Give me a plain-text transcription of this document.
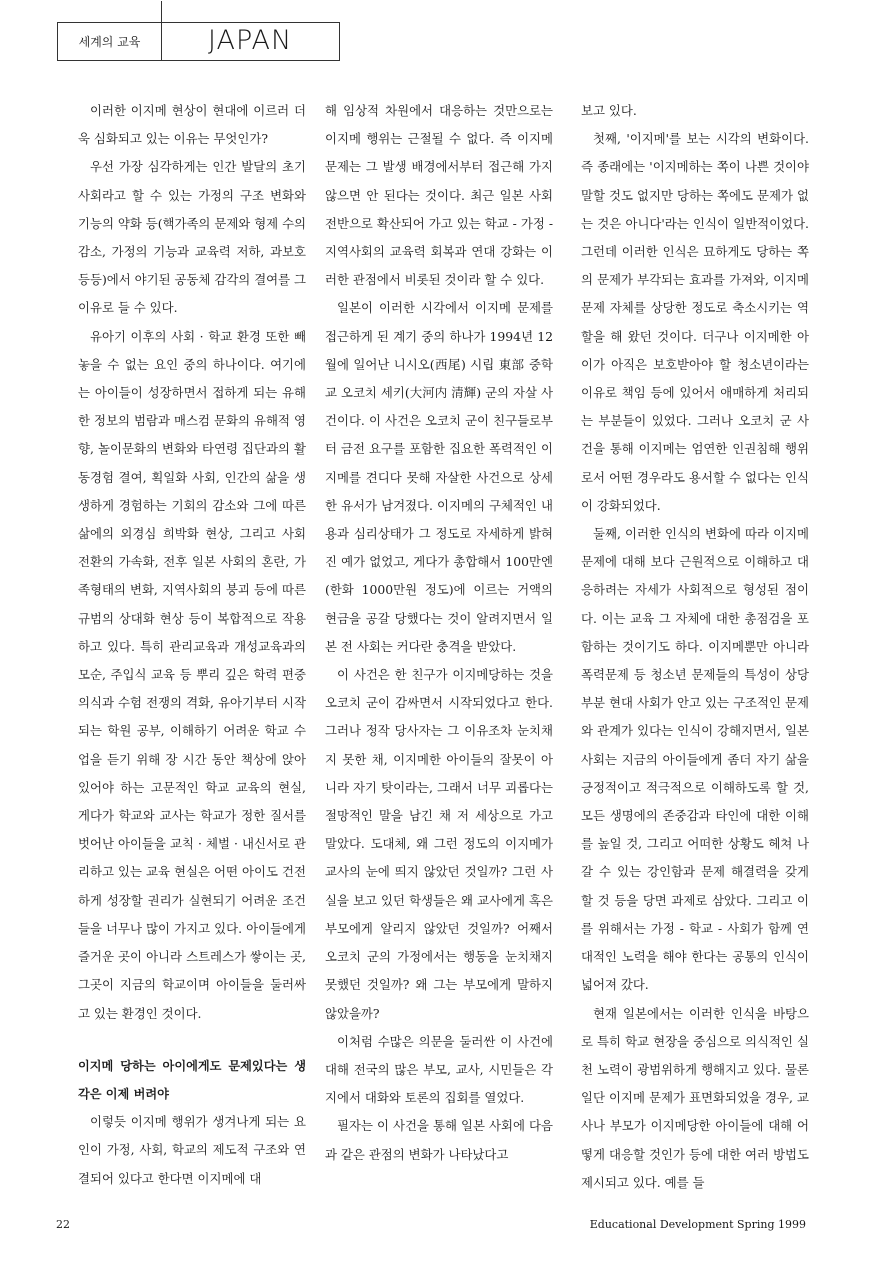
세계의 교육	JAPAN

이러한 이지메 현상이 현대에 이르러 더욱 심화되고 있는 이유는 무엇인가?

우선 가장 심각하게는 인간 발달의 초기 사회라고 할 수 있는 가정의 구조 변화와 기능의 약화 등(핵가족의 문제와 형제 수의 감소, 가정의 기능과 교육력 저하, 과보호 등등)에서 야기된 공동체 감각의 결여를 그 이유로 들 수 있다.

유아기 이후의 사회 · 학교 환경 또한 빼놓을 수 없는 요인 중의 하나이다. 여기에는 아이들이 성장하면서 접하게 되는 유해한 정보의 범람과 매스컴 문화의 유해적 영향, 놀이문화의 변화와 타연령 집단과의 활동경험 결여, 획일화 사회, 인간의 삶을 생생하게 경험하는 기회의 감소와 그에 따른 삶에의 외경심 희박화 현상, 그리고 사회 전환의 가속화, 전후 일본 사회의 혼란, 가족형태의 변화, 지역사회의 붕괴 등에 따른 규범의 상대화 현상 등이 복합적으로 작용하고 있다. 특히 관리교육과 개성교육과의 모순, 주입식 교육 등 뿌리 깊은 학력 편중 의식과 수험 전쟁의 격화, 유아기부터 시작되는 학원 공부, 이해하기 어려운 학교 수업을 듣기 위해 장 시간 동안 책상에 앉아 있어야 하는 고문적인 학교 교육의 현실, 게다가 학교와 교사는 학교가 정한 질서를 벗어난 아이들을 교칙 · 체벌 · 내신서로 관리하고 있는 교육 현실은 어떤 아이도 건전하게 성장할 권리가 실현되기 어려운 조건들을 너무나 많이 가지고 있다. 아이들에게 즐거운 곳이 아니라 스트레스가 쌓이는 곳, 그곳이 지금의 학교이며 아이들을 둘러싸고 있는 환경인 것이다.

이지메 당하는 아이에게도 문제있다는 생각은 이제 버려야

이렇듯 이지메 행위가 생겨나게 되는 요인이 가정, 사회, 학교의 제도적 구조와 연결되어 있다고 한다면 이지메에 대

해 임상적 차원에서 대응하는 것만으로는 이지메 행위는 근절될 수 없다. 즉 이지메 문제는 그 발생 배경에서부터 접근해 가지 않으면 안 된다는 것이다. 최근 일본 사회 전반으로 확산되어 가고 있는 학교 - 가정 - 지역사회의 교육력 회복과 연대 강화는 이러한 관점에서 비롯된 것이라 할 수 있다.

일본이 이러한 시각에서 이지메 문제를 접근하게 된 계기 중의 하나가 1994년 12월에 일어난 니시오(西尾) 시립 東部 중학교 오코치 세키(大河内 清輝) 군의 자살 사건이다. 이 사건은 오코치 군이 친구들로부터 금전 요구를 포함한 집요한 폭력적인 이지메를 견디다 못해 자살한 사건으로 상세한 유서가 남겨졌다. 이지메의 구체적인 내용과 심리상태가 그 정도로 자세하게 밝혀진 예가 없었고, 게다가 총합해서 100만엔(한화 1000만원 정도)에 이르는 거액의 현금을 공갈 당했다는 것이 알려지면서 일본 전 사회는 커다란 충격을 받았다.

이 사건은 한 친구가 이지메당하는 것을 오코치 군이 감싸면서 시작되었다고 한다. 그러나 정작 당사자는 그 이유조차 눈치채지 못한 채, 이지메한 아이들의 잘못이 아니라 자기 탓이라는, 그래서 너무 괴롭다는 절망적인 말을 남긴 채 저 세상으로 가고 말았다. 도대체, 왜 그런 정도의 이지메가 교사의 눈에 띄지 않았던 것일까? 그런 사실을 보고 있던 학생들은 왜 교사에게 혹은 부모에게 알리지 않았던 것일까? 어째서 오코치 군의 가정에서는 행동을 눈치채지 못했던 것일까? 왜 그는 부모에게 말하지 않았을까?

이처럼 수많은 의문을 둘러싼 이 사건에 대해 전국의 많은 부모, 교사, 시민들은 각지에서 대화와 토론의 집회를 열었다.

필자는 이 사건을 통해 일본 사회에 다음과 같은 관점의 변화가 나타났다고

보고 있다.

첫째, '이지메'를 보는 시각의 변화이다. 즉 종래에는 '이지메하는 쪽이 나쁜 것이야 말할 것도 없지만 당하는 쪽에도 문제가 없는 것은 아니다'라는 인식이 일반적이었다. 그런데 이러한 인식은 묘하게도 당하는 쪽의 문제가 부각되는 효과를 가져와, 이지메 문제 자체를 상당한 정도로 축소시키는 역할을 해 왔던 것이다. 더구나 이지메한 아이가 아직은 보호받아야 할 청소년이라는 이유로 책임 등에 있어서 애매하게 처리되는 부분들이 있었다. 그러나 오코치 군 사건을 통해 이지메는 엄연한 인권침해 행위로서 어떤 경우라도 용서할 수 없다는 인식이 강화되었다.

둘째, 이러한 인식의 변화에 따라 이지메 문제에 대해 보다 근원적으로 이해하고 대응하려는 자세가 사회적으로 형성된 점이다. 이는 교육 그 자체에 대한 총점검을 포함하는 것이기도 하다. 이지메뿐만 아니라 폭력문제 등 청소년 문제들의 특성이 상당 부분 현대 사회가 안고 있는 구조적인 문제와 관계가 있다는 인식이 강해지면서, 일본사회는 지금의 아이들에게 좀더 자기 삶을 긍정적이고 적극적으로 이해하도록 할 것, 모든 생명에의 존중감과 타인에 대한 이해를 높일 것, 그리고 어떠한 상황도 헤쳐 나갈 수 있는 강인함과 문제 해결력을 갖게 할 것 등을 당면 과제로 삼았다. 그리고 이를 위해서는 가정 - 학교 - 사회가 함께 연대적인 노력을 해야 한다는 공통의 인식이 넓어져 갔다.

현재 일본에서는 이러한 인식을 바탕으로 특히 학교 현장을 중심으로 의식적인 실천 노력이 광범위하게 행해지고 있다. 물론 일단 이지메 문제가 표면화되었을 경우, 교사나 부모가 이지메당한 아이들에 대해 어떻게 대응할 것인가 등에 대한 여러 방법도 제시되고 있다. 예를 들

22	Educational Development Spring 1999
